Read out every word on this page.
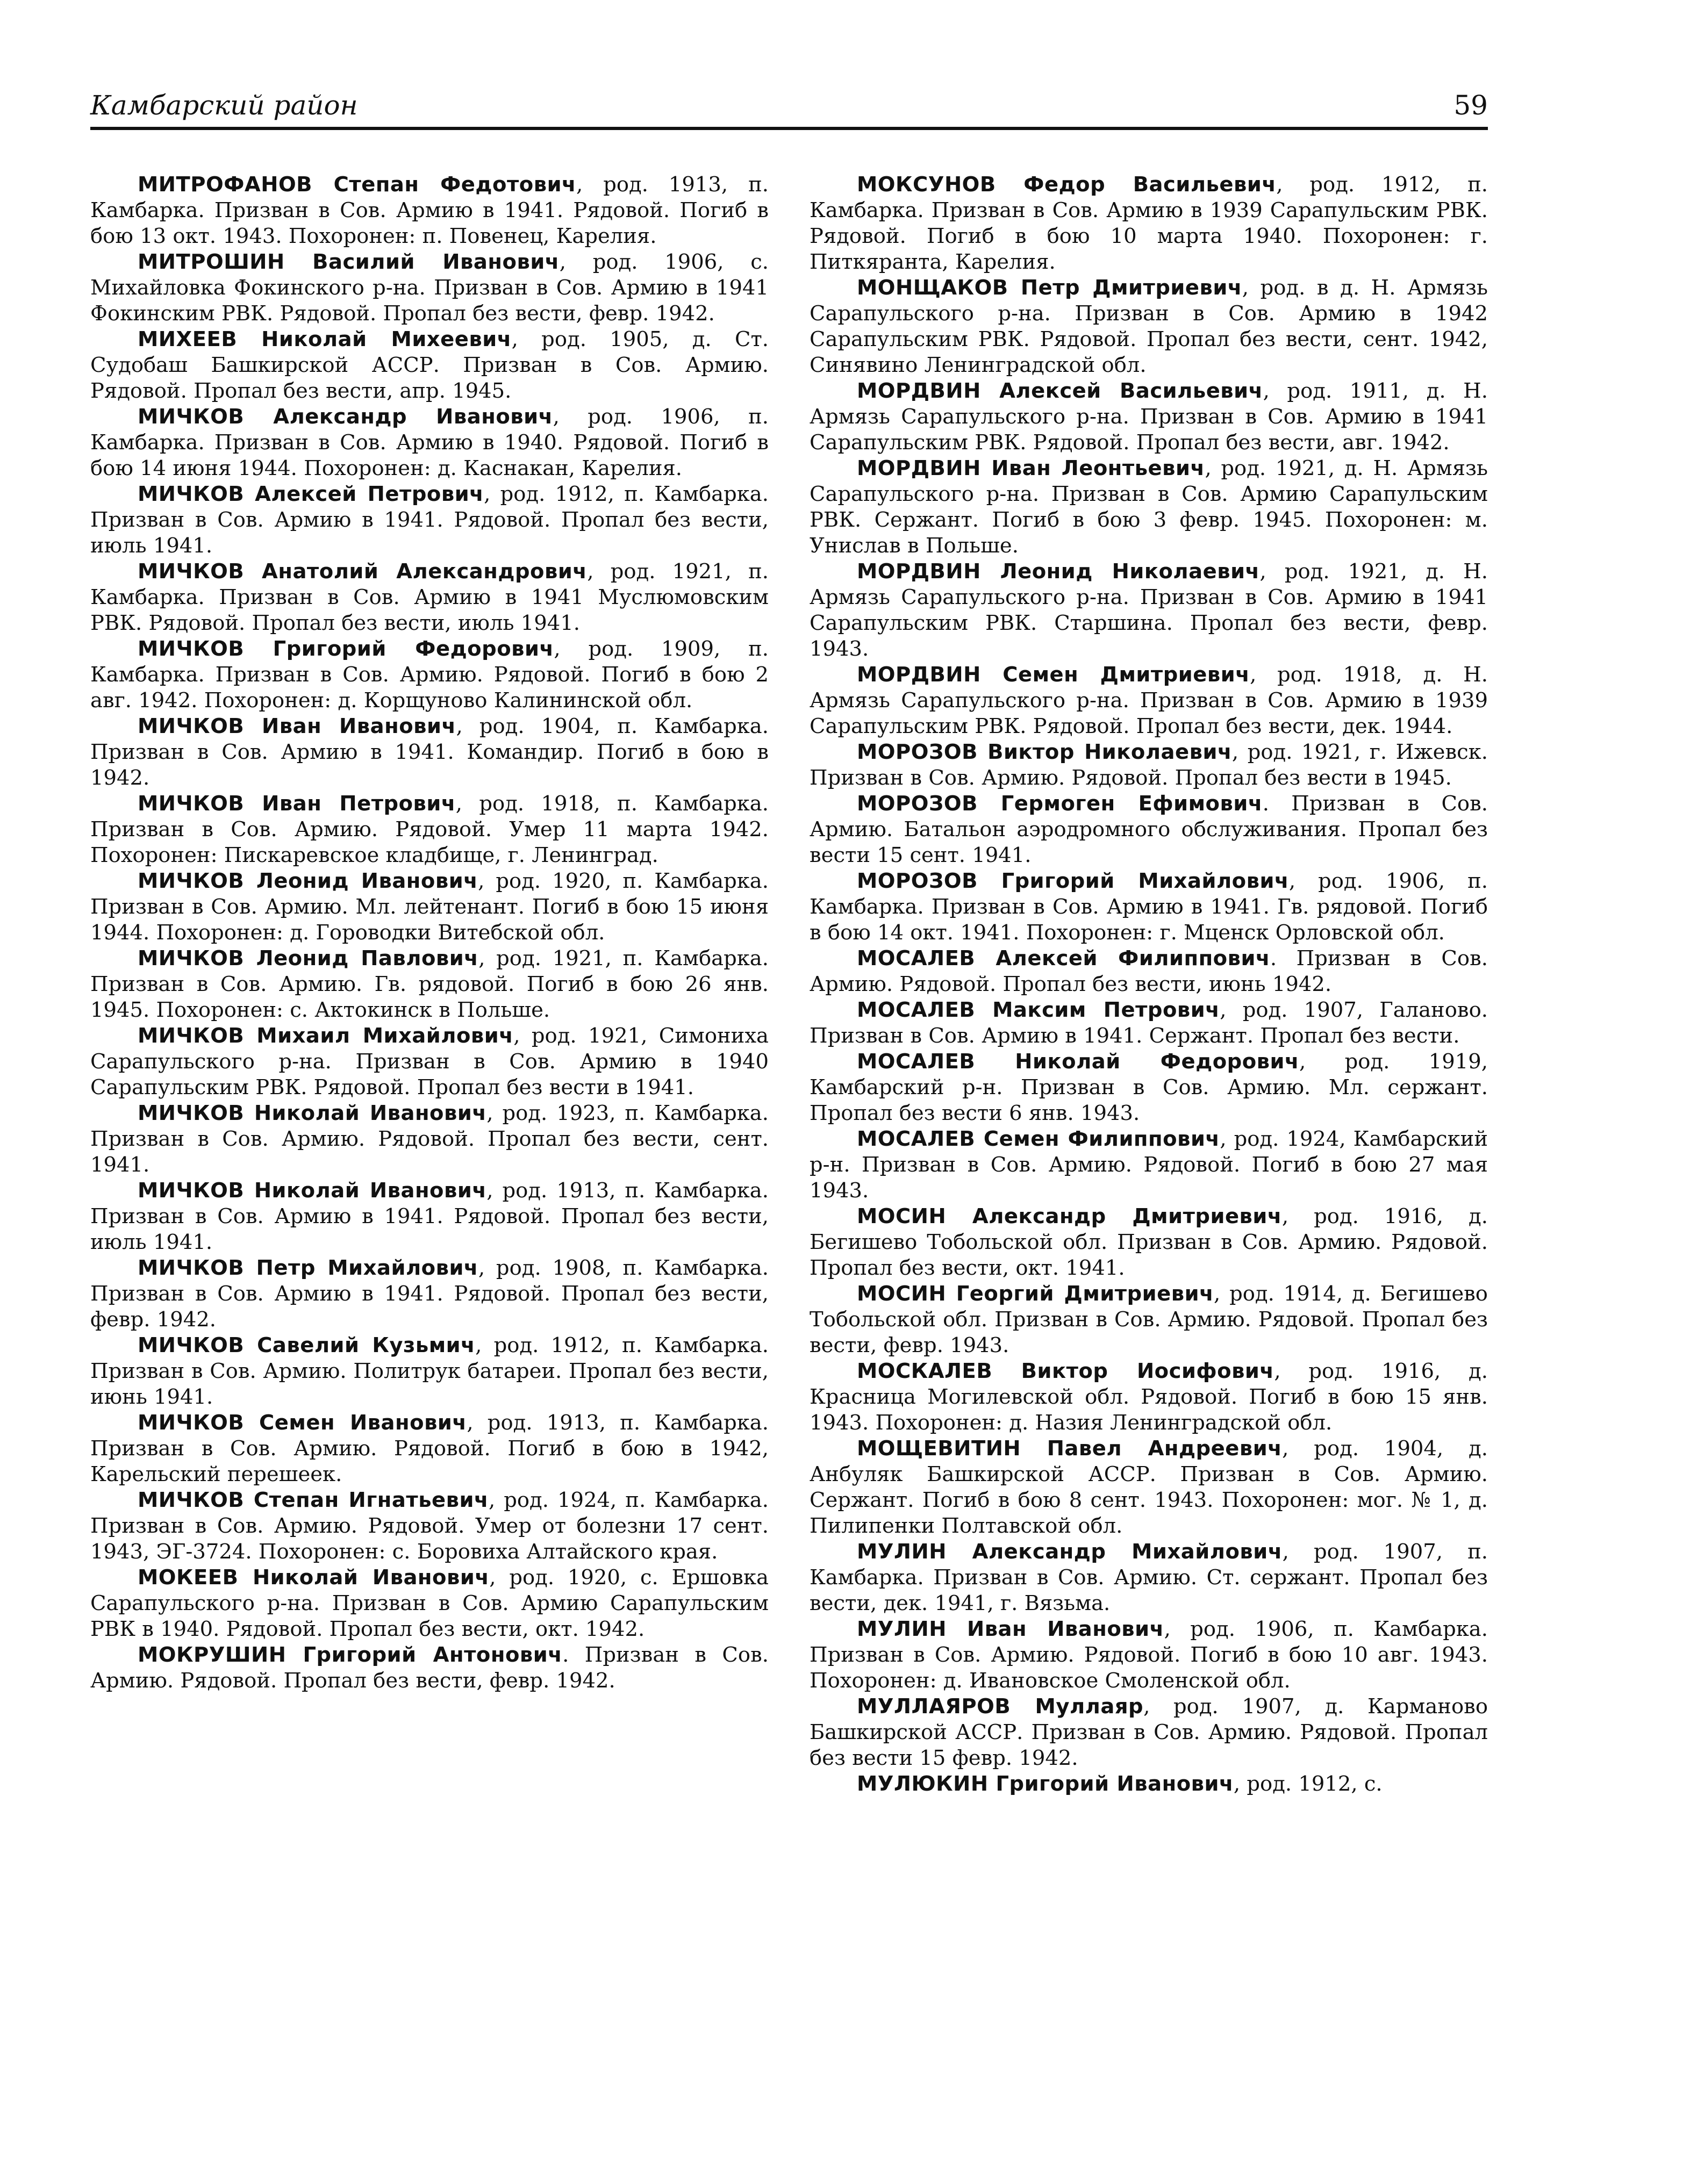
Камбарский район	59

МИТРОФАНОВ Степан Федотович, род. 1913, п. Камбарка. Призван в Сов. Армию в 1941. Рядовой. Погиб в бою 13 окт. 1943. Похоронен: п. Повенец, Карелия.

МИТРОШИН Василий Иванович, род. 1906, с. Михайловка Фокинского р-на. Призван в Сов. Армию в 1941 Фокинским РВК. Рядовой. Пропал без вести, февр. 1942.

МИХЕЕВ Николай Михеевич, род. 1905, д. Ст. Судобаш Башкирской АССР. Призван в Сов. Армию. Рядовой. Пропал без вести, апр. 1945.

МИЧКОВ Александр Иванович, род. 1906, п. Камбарка. Призван в Сов. Армию в 1940. Рядовой. Погиб в бою 14 июня 1944. Похоронен: д. Каснакан, Карелия.

МИЧКОВ Алексей Петрович, род. 1912, п. Камбарка. Призван в Сов. Армию в 1941. Рядовой. Пропал без вести, июль 1941.

МИЧКОВ Анатолий Александрович, род. 1921, п. Камбарка. Призван в Сов. Армию в 1941 Муслюмовским РВК. Рядовой. Пропал без вести, июль 1941.

МИЧКОВ Григорий Федорович, род. 1909, п. Камбарка. Призван в Сов. Армию. Рядовой. Погиб в бою 2 авг. 1942. Похоронен: д. Корщуново Калининской обл.

МИЧКОВ Иван Иванович, род. 1904, п. Камбарка. Призван в Сов. Армию в 1941. Командир. Погиб в бою в 1942.

МИЧКОВ Иван Петрович, род. 1918, п. Камбарка. Призван в Сов. Армию. Рядовой. Умер 11 марта 1942. Похоронен: Пискаревское кладбище, г. Ленинград.

МИЧКОВ Леонид Иванович, род. 1920, п. Камбарка. Призван в Сов. Армию. Мл. лейтенант. Погиб в бою 15 июня 1944. Похоронен: д. Гороводки Витебской обл.

МИЧКОВ Леонид Павлович, род. 1921, п. Камбарка. Призван в Сов. Армию. Гв. рядовой. Погиб в бою 26 янв. 1945. Похоронен: с. Актокинск в Польше.

МИЧКОВ Михаил Михайлович, род. 1921, Симониха Сарапульского р-на. Призван в Сов. Армию в 1940 Сарапульским РВК. Рядовой. Пропал без вести в 1941.

МИЧКОВ Николай Иванович, род. 1923, п. Камбарка. Призван в Сов. Армию. Рядовой. Пропал без вести, сент. 1941.

МИЧКОВ Николай Иванович, род. 1913, п. Камбарка. Призван в Сов. Армию в 1941. Рядовой. Пропал без вести, июль 1941.

МИЧКОВ Петр Михайлович, род. 1908, п. Камбарка. Призван в Сов. Армию в 1941. Рядовой. Пропал без вести, февр. 1942.

МИЧКОВ Савелий Кузьмич, род. 1912, п. Камбарка. Призван в Сов. Армию. Политрук батареи. Пропал без вести, июнь 1941.

МИЧКОВ Семен Иванович, род. 1913, п. Камбарка. Призван в Сов. Армию. Рядовой. Погиб в бою в 1942, Карельский перешеек.

МИЧКОВ Степан Игнатьевич, род. 1924, п. Камбарка. Призван в Сов. Армию. Рядовой. Умер от болезни 17 сент. 1943, ЭГ-3724. Похоронен: с. Боровиха Алтайского края.

МОКЕЕВ Николай Иванович, род. 1920, с. Ершовка Сарапульского р-на. Призван в Сов. Армию Сарапульским РВК в 1940. Рядовой. Пропал без вести, окт. 1942.

МОКРУШИН Григорий Антонович. Призван в Сов. Армию. Рядовой. Пропал без вести, февр. 1942.

МОКСУНОВ Федор Васильевич, род. 1912, п. Камбарка. Призван в Сов. Армию в 1939 Сарапульским РВК. Рядовой. Погиб в бою 10 марта 1940. Похоронен: г. Питкяранта, Карелия.

МОНЩАКОВ Петр Дмитриевич, род. в д. Н. Армязь Сарапульского р-на. Призван в Сов. Армию в 1942 Сарапульским РВК. Рядовой. Пропал без вести, сент. 1942, Синявино Ленинградской обл.

МОРДВИН Алексей Васильевич, род. 1911, д. Н. Армязь Сарапульского р-на. Призван в Сов. Армию в 1941 Сарапульским РВК. Рядовой. Пропал без вести, авг. 1942.

МОРДВИН Иван Леонтьевич, род. 1921, д. Н. Армязь Сарапульского р-на. Призван в Сов. Армию Сарапульским РВК. Сержант. Погиб в бою 3 февр. 1945. Похоронен: м. Унислав в Польше.

МОРДВИН Леонид Николаевич, род. 1921, д. Н. Армязь Сарапульского р-на. Призван в Сов. Армию в 1941 Сарапульским РВК. Старшина. Пропал без вести, февр. 1943.

МОРДВИН Семен Дмитриевич, род. 1918, д. Н. Армязь Сарапульского р-на. Призван в Сов. Армию в 1939 Сарапульским РВК. Рядовой. Пропал без вести, дек. 1944.

МОРОЗОВ Виктор Николаевич, род. 1921, г. Ижевск. Призван в Сов. Армию. Рядовой. Пропал без вести в 1945.

МОРОЗОВ Гермоген Ефимович. Призван в Сов. Армию. Батальон аэродромного обслуживания. Пропал без вести 15 сент. 1941.

МОРОЗОВ Григорий Михайлович, род. 1906, п. Камбарка. Призван в Сов. Армию в 1941. Гв. рядовой. Погиб в бою 14 окт. 1941. Похоронен: г. Мценск Орловской обл.

МОСАЛЕВ Алексей Филиппович. Призван в Сов. Армию. Рядовой. Пропал без вести, июнь 1942.

МОСАЛЕВ Максим Петрович, род. 1907, Галаново. Призван в Сов. Армию в 1941. Сержант. Пропал без вести.

МОСАЛЕВ Николай Федорович, род. 1919, Камбарский р-н. Призван в Сов. Армию. Мл. сержант. Пропал без вести 6 янв. 1943.

МОСАЛЕВ Семен Филиппович, род. 1924, Камбарский р-н. Призван в Сов. Армию. Рядовой. Погиб в бою 27 мая 1943.

МОСИН Александр Дмитриевич, род. 1916, д. Бегишево Тобольской обл. Призван в Сов. Армию. Рядовой. Пропал без вести, окт. 1941.

МОСИН Георгий Дмитриевич, род. 1914, д. Бегишево Тобольской обл. Призван в Сов. Армию. Рядовой. Пропал без вести, февр. 1943.

МОСКАЛЕВ Виктор Иосифович, род. 1916, д. Красница Могилевской обл. Рядовой. Погиб в бою 15 янв. 1943. Похоронен: д. Назия Ленинградской обл.

МОЩЕВИТИН Павел Андреевич, род. 1904, д. Анбуляк Башкирской АССР. Призван в Сов. Армию. Сержант. Погиб в бою 8 сент. 1943. Похоронен: мог. № 1, д. Пилипенки Полтавской обл.

МУЛИН Александр Михайлович, род. 1907, п. Камбарка. Призван в Сов. Армию. Ст. сержант. Пропал без вести, дек. 1941, г. Вязьма.

МУЛИН Иван Иванович, род. 1906, п. Камбарка. Призван в Сов. Армию. Рядовой. Погиб в бою 10 авг. 1943. Похоронен: д. Ивановское Смоленской обл.

МУЛЛАЯРОВ Муллаяр, род. 1907, д. Карманово Башкирской АССР. Призван в Сов. Армию. Рядовой. Пропал без вести 15 февр. 1942.

МУЛЮКИН Григорий Иванович, род. 1912, с.
